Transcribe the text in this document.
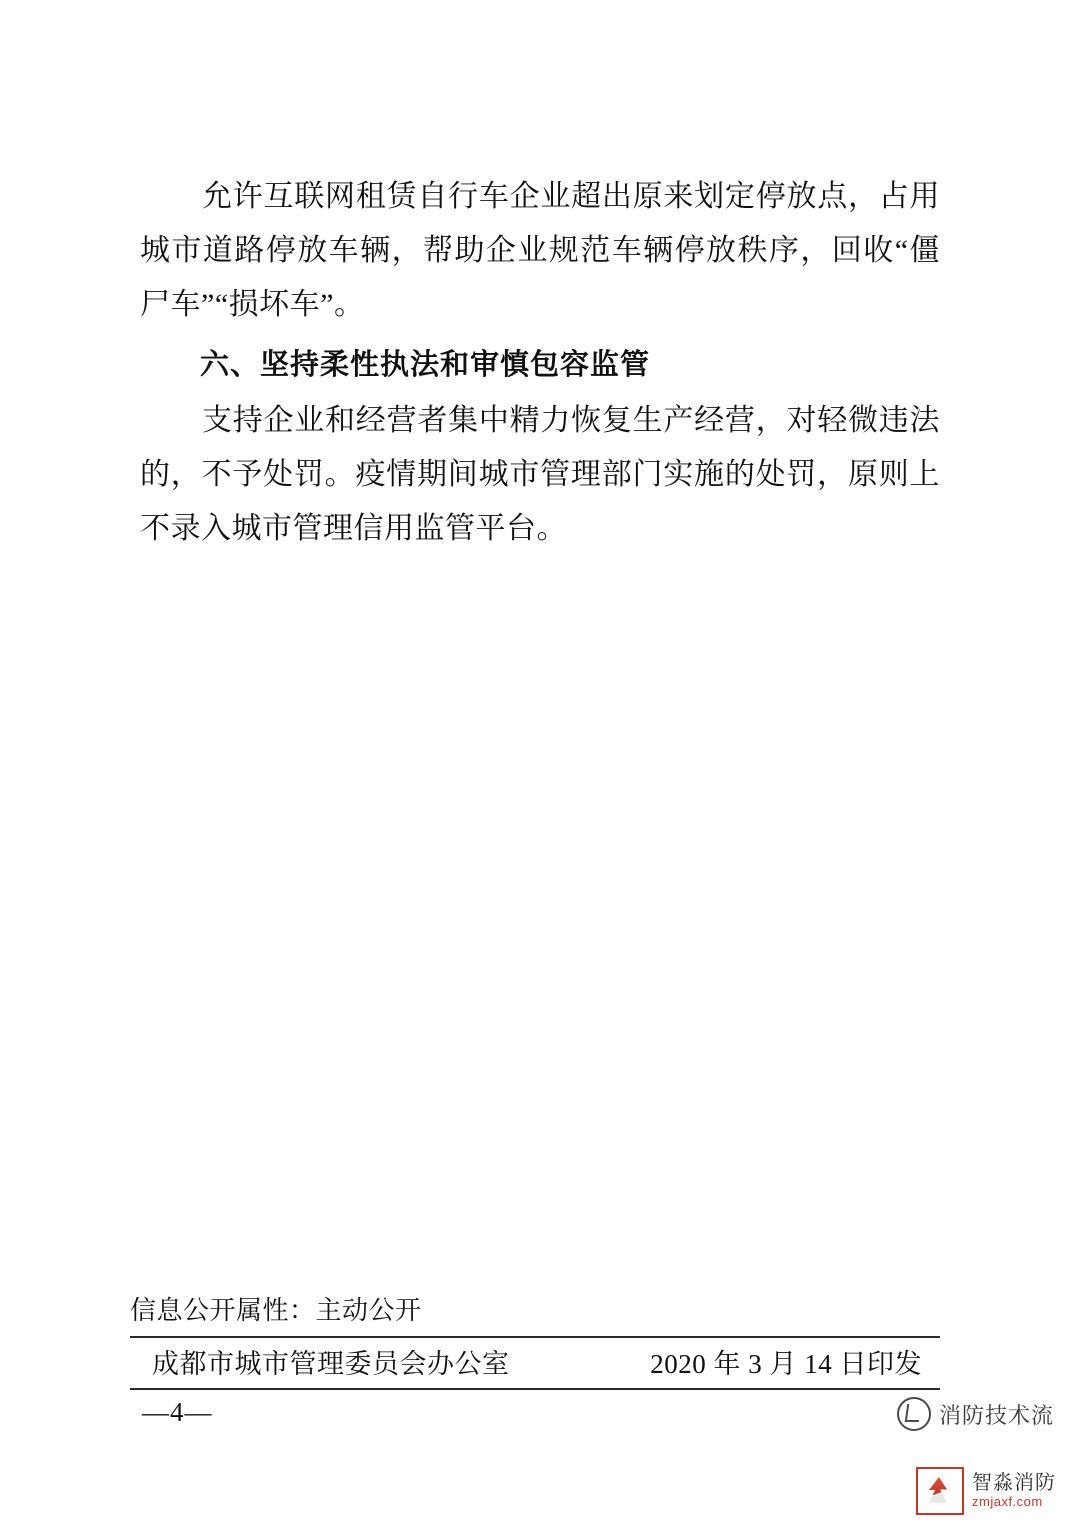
允许互联网租赁自行车企业超出原来划定停放点，占用城市道路停放车辆，帮助企业规范车辆停放秩序，回收“僵尸车”“损坏车”。

六、坚持柔性执法和审慎包容监管

支持企业和经营者集中精力恢复生产经营，对轻微违法的，不予处罚。疫情期间城市管理部门实施的处罚，原则上不录入城市管理信用监管平台。

信息公开属性：主动公开
成都市城市管理委员会办公室	2020 年 3 月 14 日印发
—4—	消防技术流
智淼消防
zmjaxf.com
